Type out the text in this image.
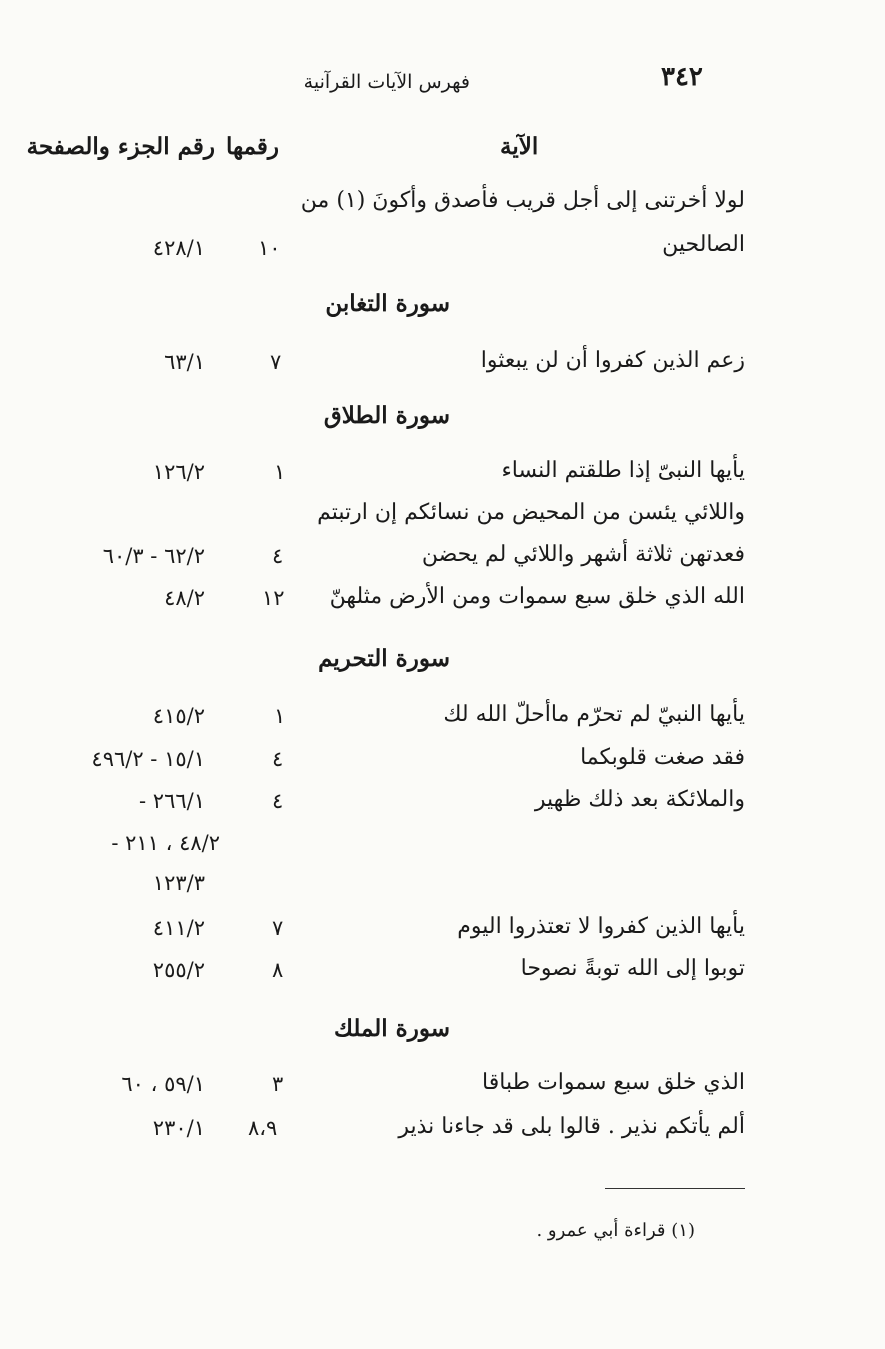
٣٤٢
فهرس الآيات القرآنية
الآية
رقمها
رقم الجزء والصفحة
لولا أخرتنى إلى أجل قريب فأصدق وأكونَ (١) من
الصالحين
١٠
٤٢٨/١
سورة التغابن
زعم الذين كفروا أن لن يبعثوا
٧
٦٣/١
سورة الطلاق
يأيها النبىّ إذا طلقتم النساء
١
١٢٦/٢
واللائي يئسن من المحيض من نسائكم إن ارتبتم
فعدتهن ثلاثة أشهر واللائي لم يحضن
٤
٦٢/٢ - ٦٠/٣
الله الذي خلق سبع سموات ومن الأرض مثلهنّ
١٢
٤٨/٢
سورة التحريم
يأيها النبيّ لم تحرّم ماأحلّ الله لك
١
٤١٥/٢
فقد صغت قلوبكما
٤
١٥/١ - ٤٩٦/٢
والملائكة بعد ذلك ظهير
٤
٢٦٦/١ -
٤٨/٢ ، ٢١١ -
١٢٣/٣
يأيها الذين كفروا لا تعتذروا اليوم
٧
٤١١/٢
توبوا إلى الله توبةً نصوحا
٨
٢٥٥/٢
سورة الملك
الذي خلق سبع سموات طباقا
٣
٥٩/١ ، ٦٠
ألم يأتكم نذير . قالوا بلى قد جاءنا نذير
٨،٩
٢٣٠/١
(١) قراءة أبي عمرو .
